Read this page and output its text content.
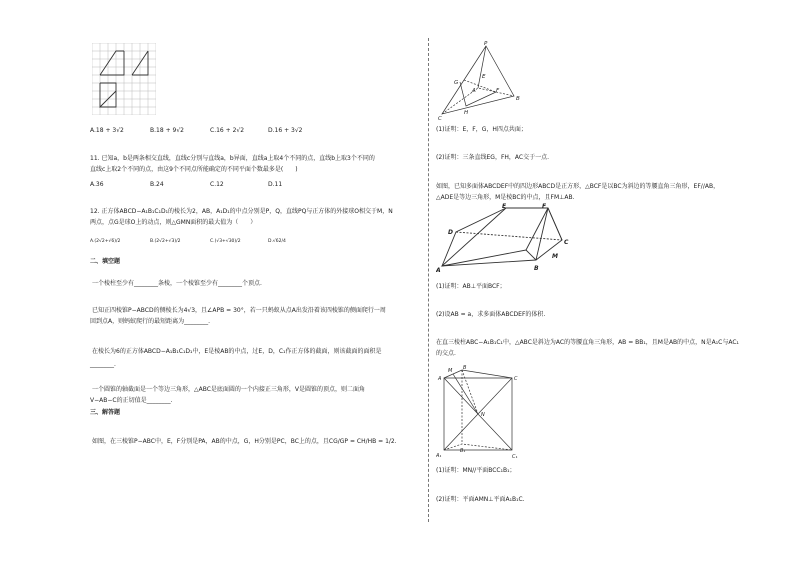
A.18 + 3√2	B.18 + 9√2	C.16 + 2√2	D.16 + 3√2
11. 已知a，b是两条相交直线，直线c分别与直线a，b异面，直线a上取4个不同的点，直线b上取3个不同的
直线c上取2个不同的点，由这9个不同点所能确定的不同平面个数最多是(　　)
A.36	B.24	C.12	D.11
12. 正方体ABCD−A₁B₁C₁D₁的棱长为2，AB，A₁D₁的中点分别是P，Q，直线PQ与正方体的外接球O相交于M，N
两点，点G是球O上的动点，则△GMN面积的最大值为（　　）
A.(2√2+√6)/2	B.(2√2+√3)/2	C.(√3+√30)/2	D.√62/4
二、填空题
一个棱柱至少有________条棱，一个棱锥至少有________个顶点.
已知正四棱锥P−ABCD的侧棱长为4√3，且∠APB = 30°，若一只蚂蚁从点A出发沿着该四棱锥的侧面爬行一周
回到点A，则蚂蚁爬行的最短距离为________.
在棱长为6的正方体ABCD−A₁B₁C₁D₁中，E是棱AB的中点，过E，D，C₁作正方体的截面，则该截面的面积是
________.
一个圆锥的轴截面是一个等边三角形，△ABC是底面圆的一个内接正三角形，V是圆锥的顶点，则二面角
V−AB−C的正切值是________.
三、解答题
如图，在三棱锥P−ABC中，E，F分别是PA，AB的中点，G，H分别是PC，BC上的点，且CG/GP = CH/HB = 1/2.
P
G
E
A	F
B
C
H
(1)证明：E，F，G，H四点共面；
(2)证明：三条直线EG，FH，AC交于一点.
如图，已知多面体ABCDEF中的四边形ABCD是正方形，△BCF是以BC为斜边的等腰直角三角形，EF//AB，
△ADE是等边三角形，M是棱BC的中点，且FM⊥AB.
E	F
D
C
A
M
B
(1)证明：AB⊥平面BCF；
(2)设AB = a，求多面体ABCDEF的体积.
在直三棱柱ABC−A₁B₁C₁中，△ABC是斜边为AC的等腰直角三角形，AB = BB₁，且M是AB的中点，N是A₁C与AC₁
的交点.
A
M B
C
N
A₁
B₁
C₁
(1)证明：MN//平面BCC₁B₁；
(2)证明：平面AMN⊥平面A₁B₁C.
